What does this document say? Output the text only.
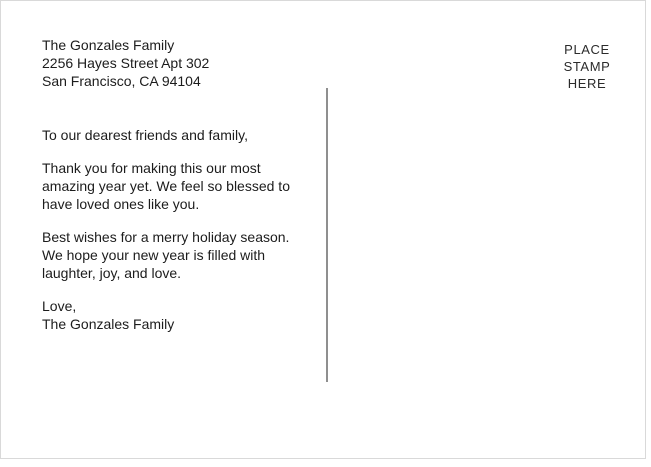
The Gonzales Family
2256 Hayes Street Apt 302
San Francisco, CA 94104
PLACE
STAMP
HERE
To our dearest friends and family,
Thank you for making this our most
amazing year yet. We feel so blessed to
have loved ones like you.
Best wishes for a merry holiday season.
We hope your new year is filled with
laughter, joy, and love.
Love,
The Gonzales Family
